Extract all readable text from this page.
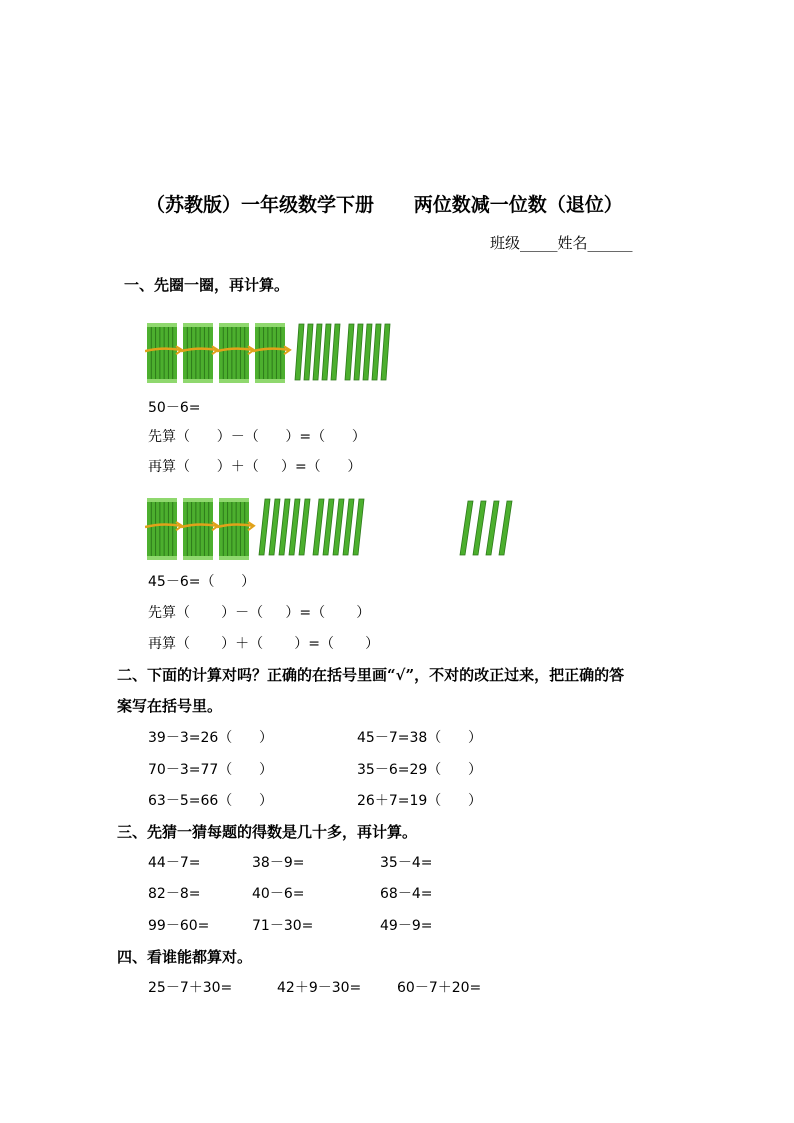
（苏教版）一年级数学下册      两位数减一位数（退位）
班级_____姓名______
一、先圈一圈，再计算。
50－6=
先算（      ）－（      ）=（      ）
再算（      ）＋（     ）=（      ）
45－6=（      ）
先算（       ）－（     ）=（       ）
再算（       ）＋（       ）=（       ）
二、下面的计算对吗？正确的在括号里画“√”，不对的改正过来，把正确的答
案写在括号里。
39－3=26（      ）	45－7=38（      ）
70－3=77（      ）	35－6=29（      ）
63－5=66（      ）	26＋7=19（      ）
三、先猜一猜每题的得数是几十多，再计算。
44－7=	38－9=	35－4=
82－8=	40－6=	68－4=
99－60=	71－30=	49－9=
四、看谁能都算对。
25－7＋30=	42＋9－30=	60－7＋20=
